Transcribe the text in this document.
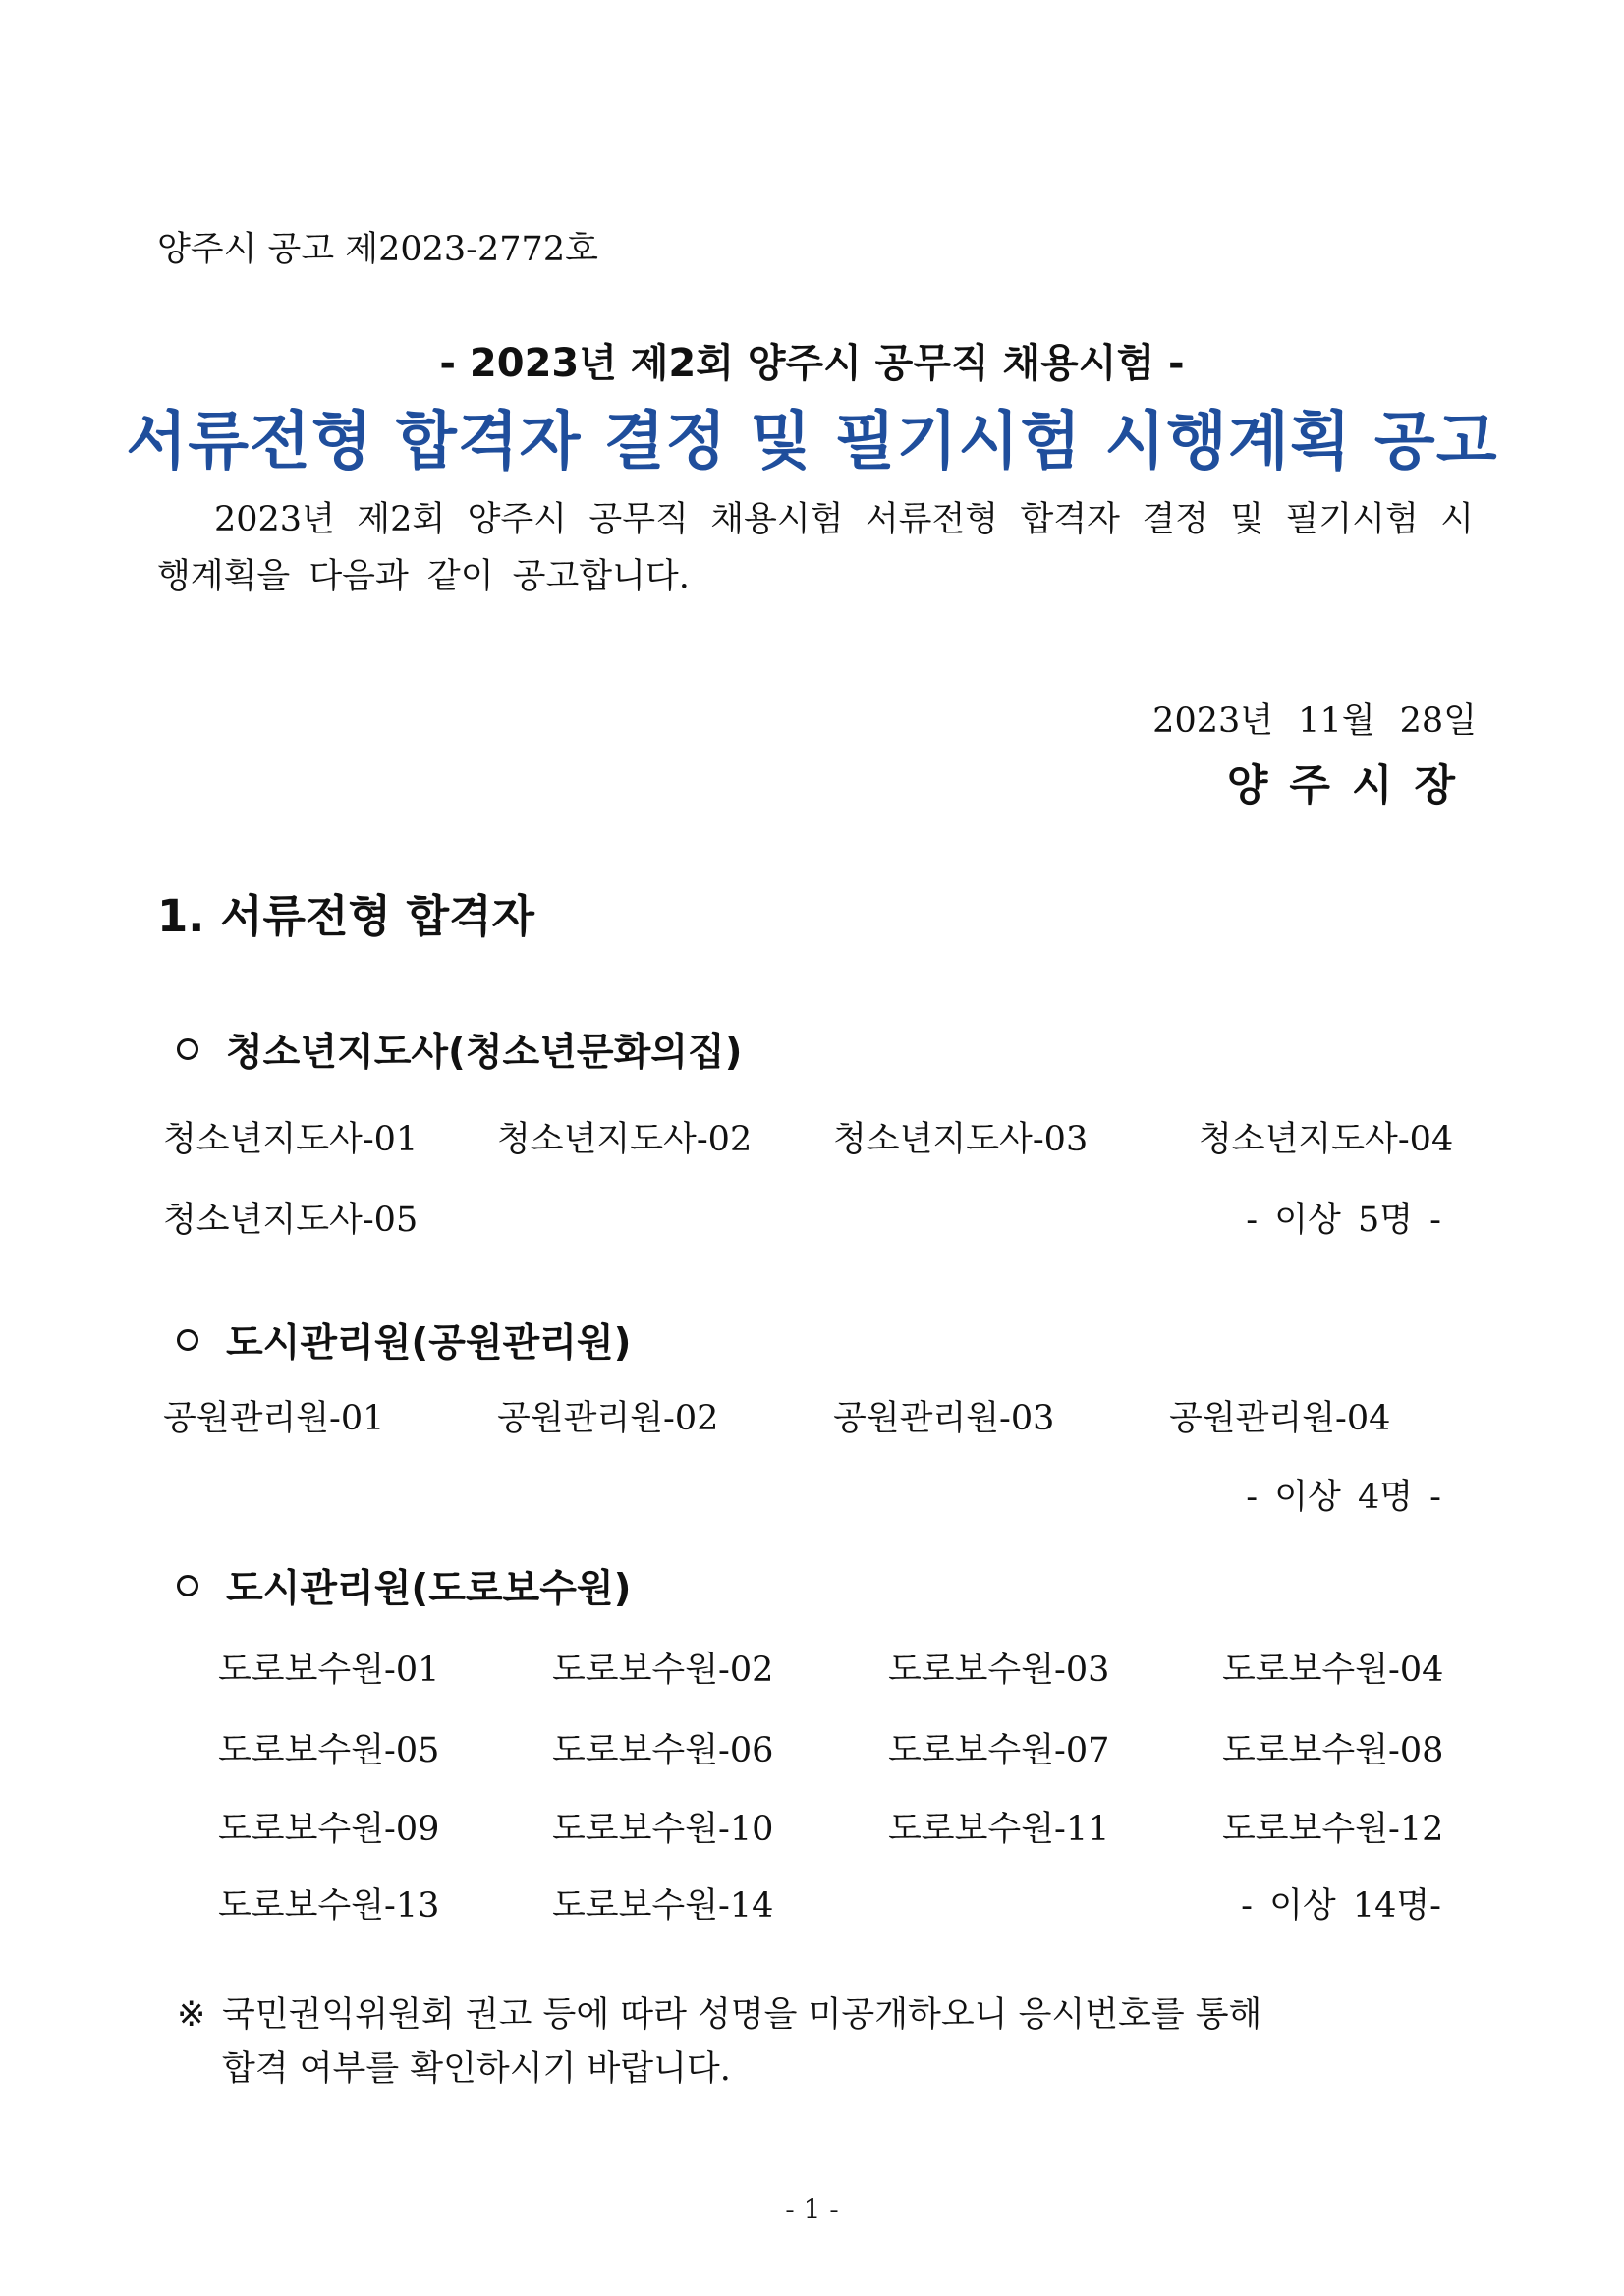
양주시 공고 제2023-2772호
- 2023년 제2회 양주시 공무직 채용시험 -
서류전형 합격자 결정 및 필기시험 시행계획 공고
2023년 제2회 양주시 공무직 채용시험 서류전형 합격자 결정 및 필기시험 시행계획을 다음과 같이 공고합니다.
2023년 11월 28일
양주시장
1. 서류전형 합격자
청소년지도사(청소년문화의집)
청소년지도사-01 청소년지도사-02 청소년지도사-03	청소년지도사-04
청소년지도사-05	- 이상 5명 -
도시관리원(공원관리원)
공원관리원-01	공원관리원-02	공원관리원-03	공원관리원-04
- 이상 4명 -
도시관리원(도로보수원)
도로보수원-01	도로보수원-02	도로보수원-03	도로보수원-04
도로보수원-05	도로보수원-06	도로보수원-07	도로보수원-08
도로보수원-09	도로보수원-10	도로보수원-11	도로보수원-12
도로보수원-13	도로보수원-14	- 이상 14명-
※ 국민권익위원회 권고 등에 따라 성명을 미공개하오니 응시번호를 통해
합격 여부를 확인하시기 바랍니다.
- 1 -
